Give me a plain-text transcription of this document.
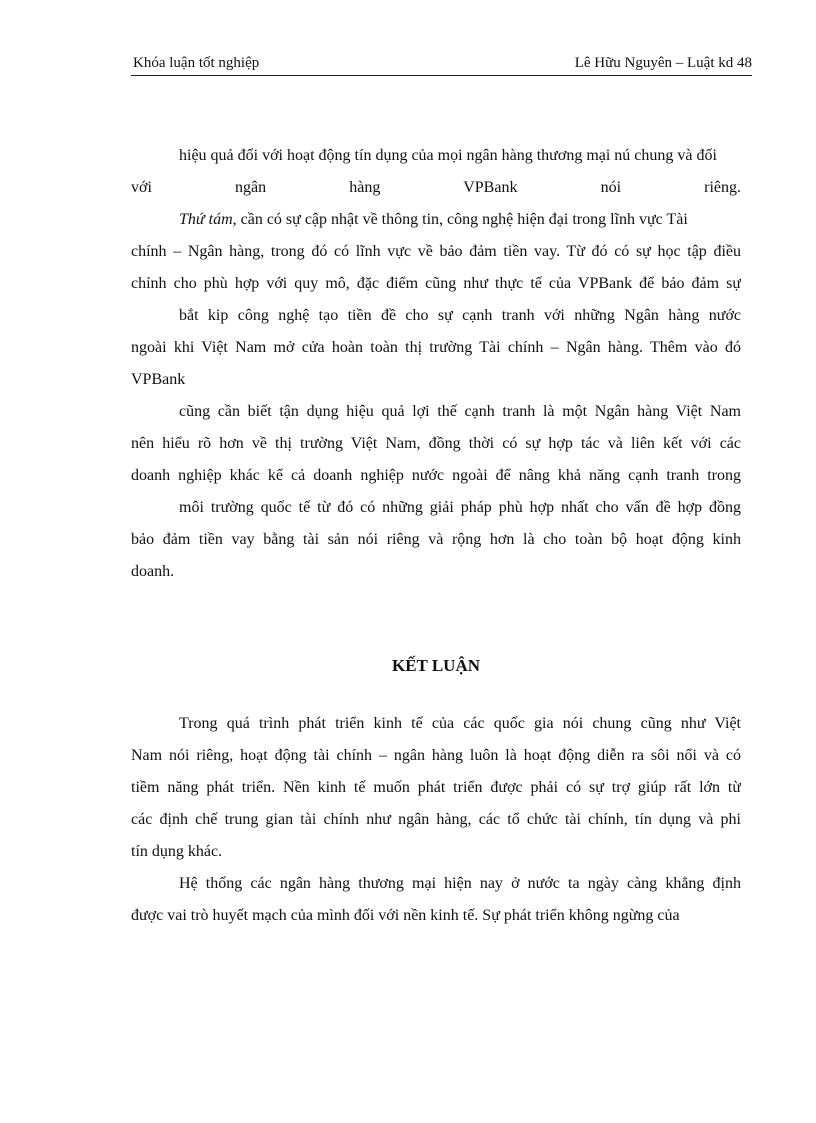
Khóa luận tốt nghiệp	Lê Hữu Nguyên – Luật kd 48
hiệu quả đối với hoạt động tín dụng của mọi ngân hàng thương mại nú chung và đối
với	ngân	hàng	VPBank	nói	riêng.
Thứ tám, cần có sự cập nhật về thông tin, công nghệ hiện đại trong lĩnh vực Tài
chính – Ngân hàng, trong đó có lĩnh vực về bảo đảm tiền vay. Từ đó có sự học tập điều
chỉnh cho phù hợp với quy mô, đặc điểm cũng như thực tế của VPBank để bảo đảm sự
bắt kip công nghệ tạo tiền đề cho sự cạnh tranh với những Ngân hàng nước
ngoài khi Việt Nam mở cửa hoàn toàn thị trường Tài chính – Ngân hàng. Thêm vào đó
VPBank
cũng cần biết tận dụng hiệu quả lợi thế cạnh tranh là một Ngân hàng Việt Nam
nên hiểu rõ hơn về thị trường Việt Nam, đồng thời có sự hợp tác và liên kết với các
doanh nghiệp khác kể cả doanh nghiệp nước ngoài để nâng khả năng cạnh tranh trong
môi trường quốc tế từ đó có những giải pháp phù hợp nhất cho vấn đề hợp đồng
bảo đảm tiền vay bằng tài sản nói riêng và rộng hơn là cho toàn bộ hoạt động kinh
doanh.
KẾT LUẬN
Trong quá trình phát triển kinh tế của các quốc gia nói chung cũng như Việt
Nam nói riêng, hoạt động tài chính – ngân hàng luôn là hoạt động diễn ra sôi nổi và có
tiềm năng phát triển. Nền kinh tế muốn phát triển được phải có sự trợ giúp rất lớn từ
các định chế trung gian tài chính như ngân hàng, các tổ chức tài chính, tín dụng và phi
tín dụng khác.
Hệ thống các ngân hàng thương mại hiện nay ở nước ta ngày càng khẳng định
được vai trò huyết mạch của mình đối với nền kinh tế. Sự phát triển không ngừng của
